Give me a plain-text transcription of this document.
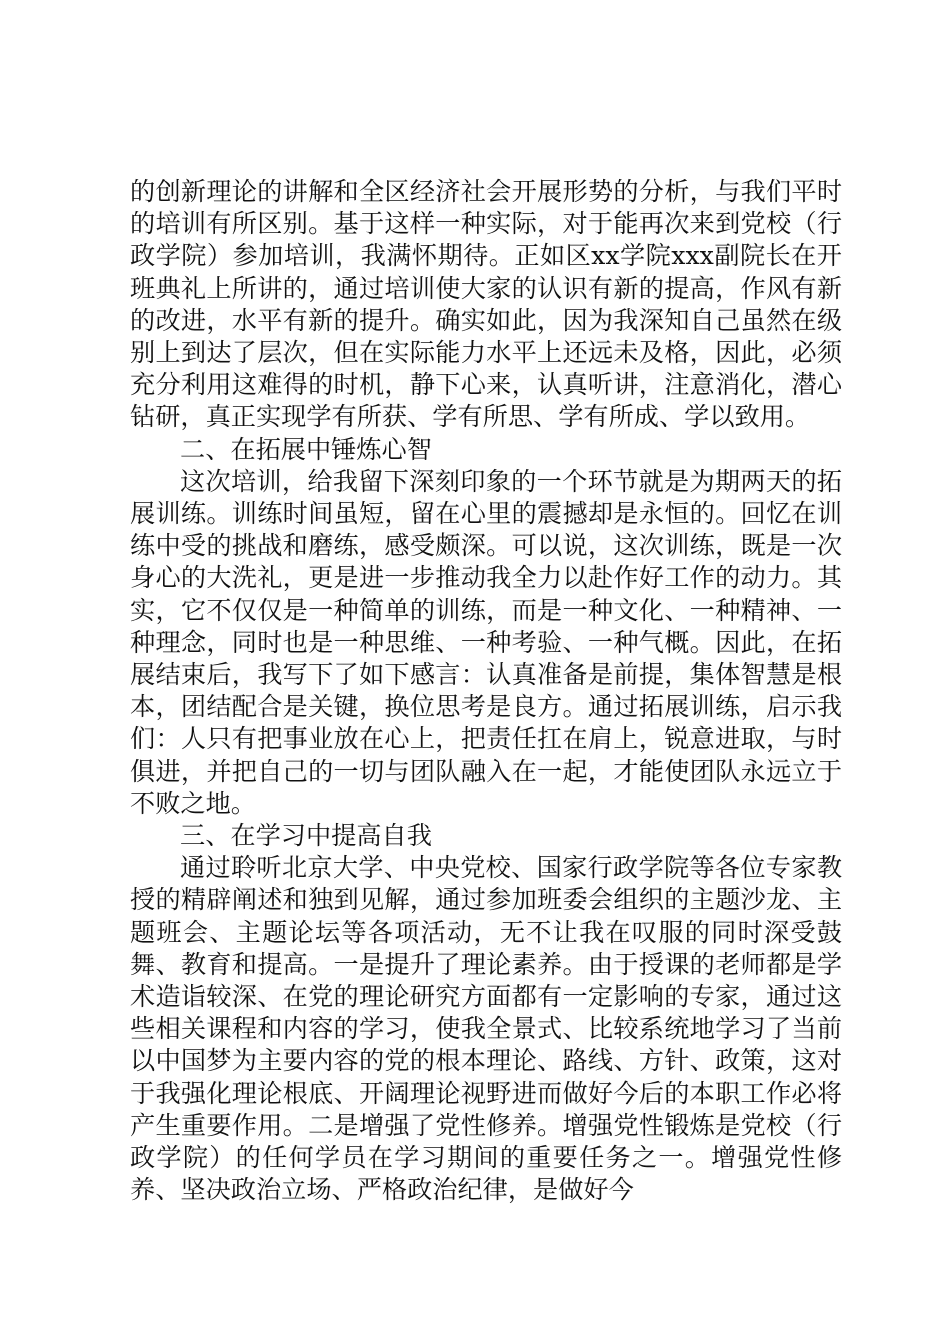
的创新理论的讲解和全区经济社会开展形势的分析，与我们平时的培训有所区别。基于这样一种实际，对于能再次来到党校（行政学院）参加培训，我满怀期待。正如区xx学院xxx副院长在开班典礼上所讲的，通过培训使大家的认识有新的提高，作风有新的改进，水平有新的提升。确实如此，因为我深知自己虽然在级别上到达了层次，但在实际能力水平上还远未及格，因此，必须充分利用这难得的时机，静下心来，认真听讲，注意消化，潜心钻研，真正实现学有所获、学有所思、学有所成、学以致用。

二、在拓展中锤炼心智

这次培训，给我留下深刻印象的一个环节就是为期两天的拓展训练。训练时间虽短，留在心里的震撼却是永恒的。回忆在训练中受的挑战和磨练，感受颇深。可以说，这次训练，既是一次身心的大洗礼，更是进一步推动我全力以赴作好工作的动力。其实，它不仅仅是一种简单的训练，而是一种文化、一种精神、一种理念，同时也是一种思维、一种考验、一种气概。因此，在拓展结束后，我写下了如下感言：认真准备是前提，集体智慧是根本，团结配合是关键，换位思考是良方。通过拓展训练，启示我们：人只有把事业放在心上，把责任扛在肩上，锐意进取，与时俱进，并把自己的一切与团队融入在一起，才能使团队永远立于不败之地。

三、在学习中提高自我

通过聆听北京大学、中央党校、国家行政学院等各位专家教授的精辟阐述和独到见解，通过参加班委会组织的主题沙龙、主题班会、主题论坛等各项活动，无不让我在叹服的同时深受鼓舞、教育和提高。一是提升了理论素养。由于授课的老师都是学术造诣较深、在党的理论研究方面都有一定影响的专家，通过这些相关课程和内容的学习，使我全景式、比较系统地学习了当前以中国梦为主要内容的党的根本理论、路线、方针、政策，这对于我强化理论根底、开阔理论视野进而做好今后的本职工作必将产生重要作用。二是增强了党性修养。增强党性锻炼是党校（行政学院）的任何学员在学习期间的重要任务之一。增强党性修养、坚决政治立场、严格政治纪律，是做好今
